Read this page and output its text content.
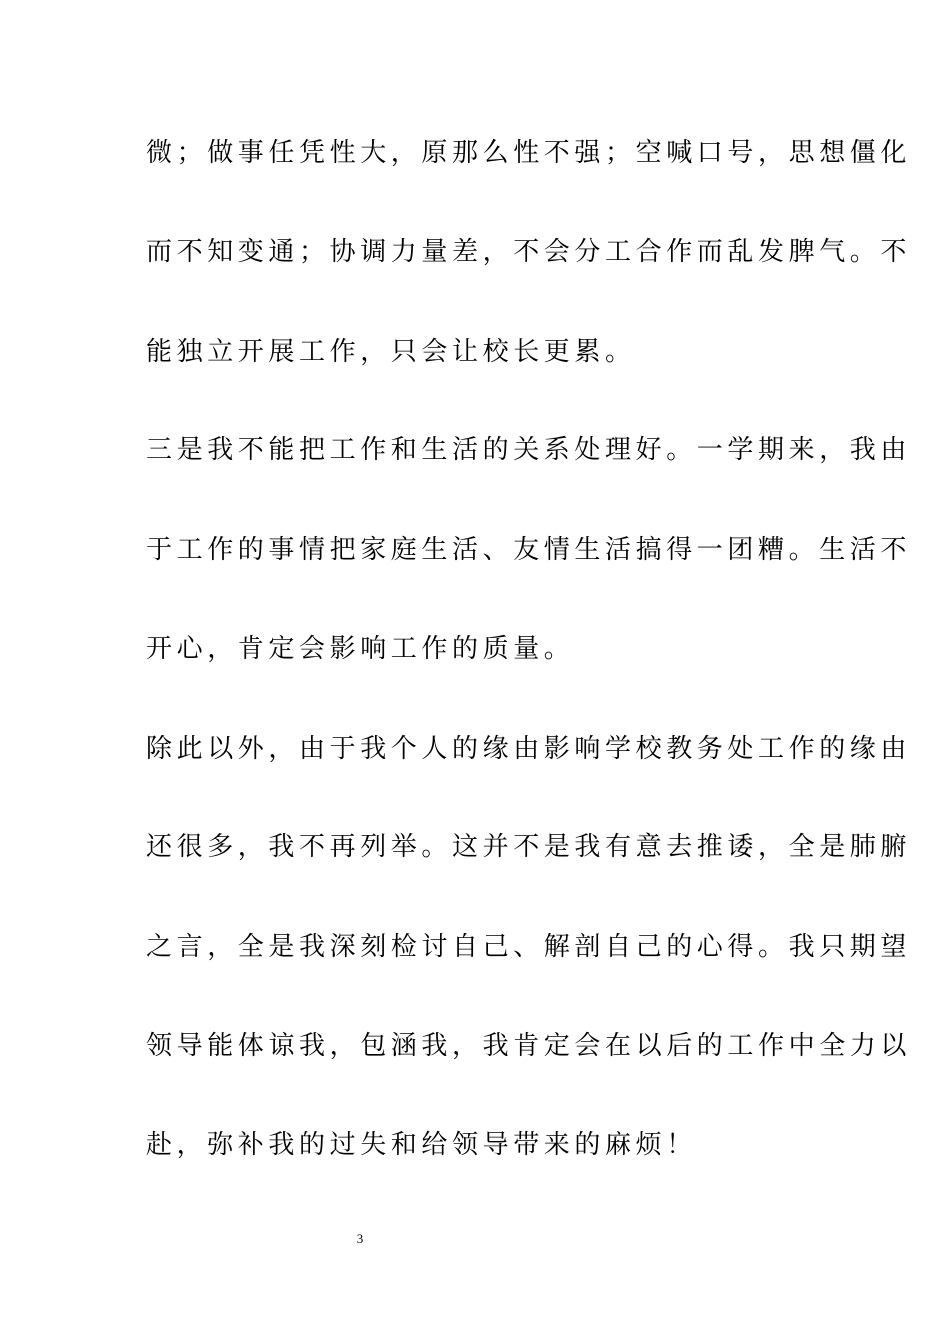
微；做事任凭性大，原那么性不强；空喊口号，思想僵化
而不知变通；协调力量差，不会分工合作而乱发脾气。不
能独立开展工作，只会让校长更累。
三是我不能把工作和生活的关系处理好。一学期来，我由
于工作的事情把家庭生活、友情生活搞得一团糟。生活不
开心，肯定会影响工作的质量。
除此以外，由于我个人的缘由影响学校教务处工作的缘由
还很多，我不再列举。这并不是我有意去推诿，全是肺腑
之言，全是我深刻检讨自己、解剖自己的心得。我只期望
领导能体谅我，包涵我，我肯定会在以后的工作中全力以
赴，弥补我的过失和给领导带来的麻烦！
3
